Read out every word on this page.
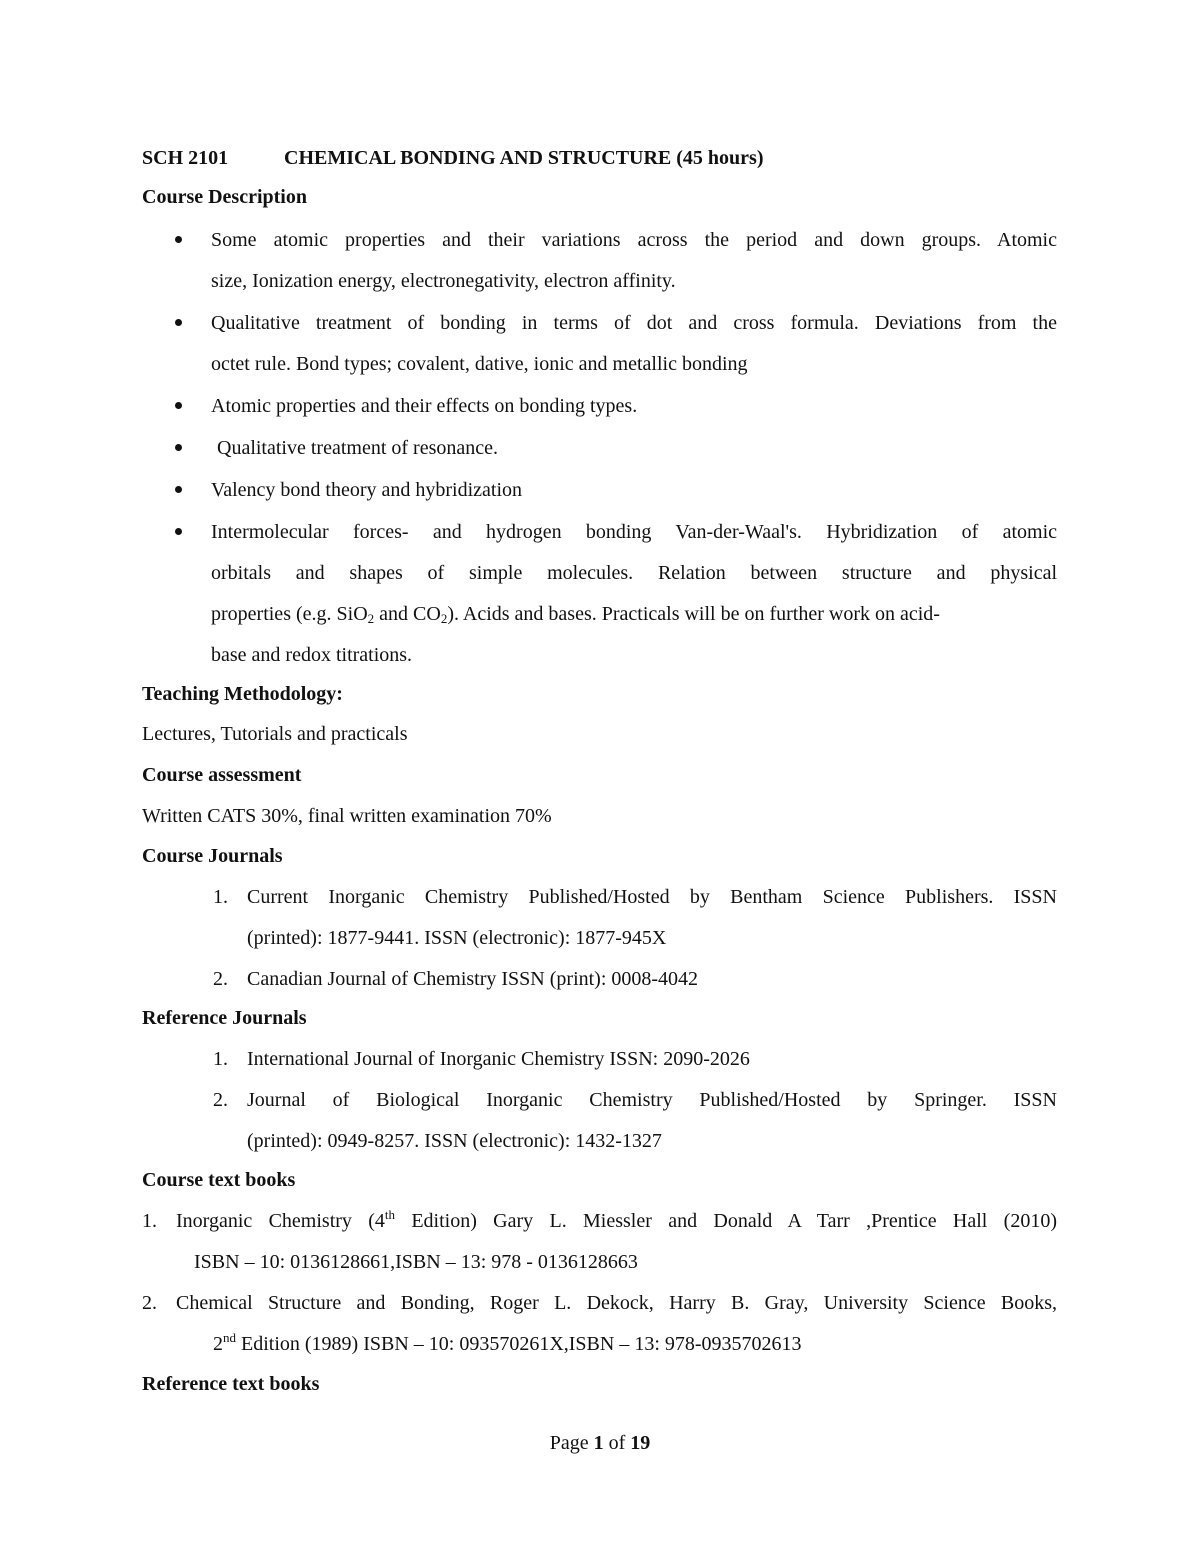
SCH 2101	CHEMICAL BONDING AND STRUCTURE (45 hours)
Course Description
Some atomic properties and their variations across the period and down groups. Atomic
size, Ionization energy, electronegativity, electron affinity.
Qualitative treatment of bonding in terms of dot and cross formula. Deviations from the
octet rule. Bond types; covalent, dative, ionic and metallic bonding
Atomic properties and their effects on bonding types.
Qualitative treatment of resonance.
Valency bond theory and hybridization
Intermolecular forces- and hydrogen bonding Van-der-Waal's. Hybridization of atomic
orbitals and shapes of simple molecules. Relation between structure and physical
properties (e.g. SiO$_2$ and $CO_2$). Acids and bases. Practicals will be on further work on acid-
base and redox titrations.
Teaching Methodology:
Lectures, Tutorials and practicals
Course assessment
Written CATS 30%, final written examination 70%
Course Journals
1. Current Inorganic Chemistry Published/Hosted by Bentham Science Publishers. ISSN
(printed): 1877-9441. ISSN (electronic): 1877-945X
2. Canadian Journal of Chemistry ISSN (print): 0008-4042
Reference Journals
1. International Journal of Inorganic Chemistry ISSN: 2090-2026
2. Journal of Biological Inorganic Chemistry Published/Hosted by Springer. ISSN
(printed): 0949-8257. ISSN (electronic): 1432-1327
Course text books
1. Inorganic Chemistry (4th Edition) Gary L. Miessler and Donald A Tarr ,Prentice Hall (2010)
ISBN – 10: 0136128661,ISBN – 13: 978 - 0136128663
2. Chemical Structure and Bonding, Roger L. Dekock, Harry B. Gray, University Science Books,
2nd Edition (1989) ISBN – 10: 093570261X,ISBN – 13: 978-0935702613
Reference text books
Page 1 of 19
